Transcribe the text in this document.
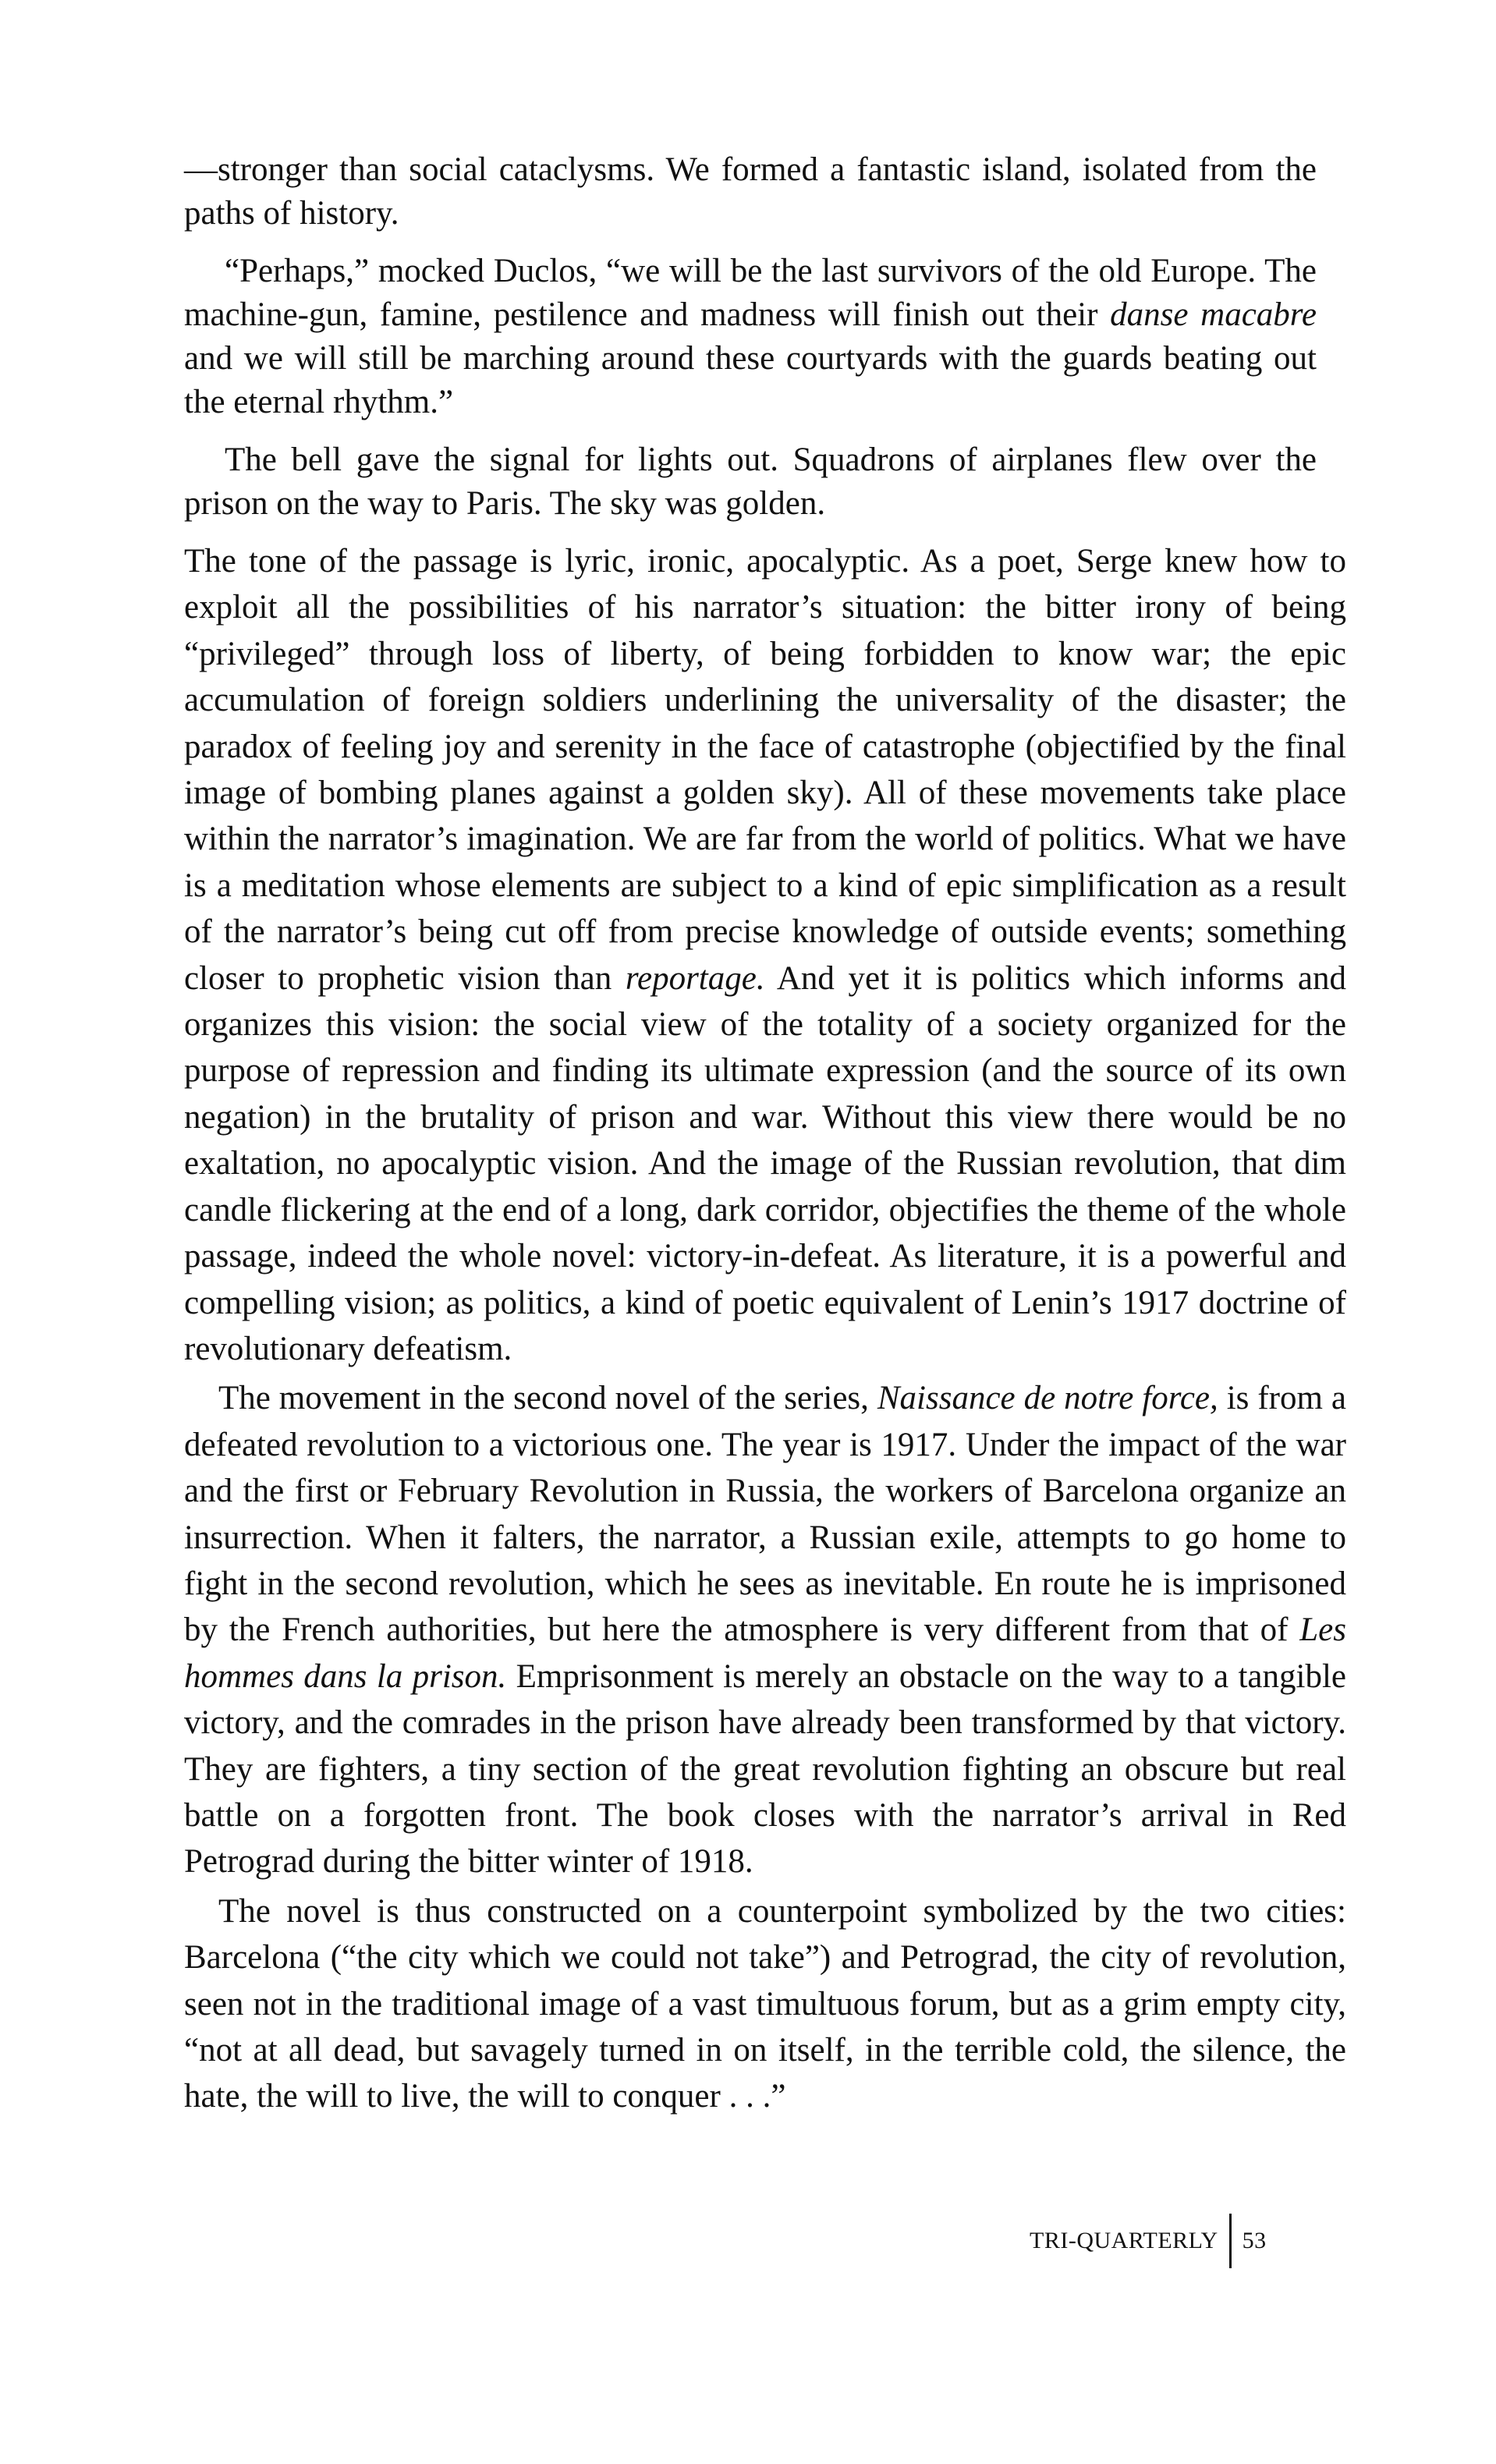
—stronger than social cataclysms. We formed a fantastic island, isolated from the paths of history.

“Perhaps,” mocked Duclos, “we will be the last survivors of the old Europe. The machine-gun, famine, pestilence and madness will finish out their danse macabre and we will still be marching around these courtyards with the guards beating out the eternal rhythm.”

The bell gave the signal for lights out. Squadrons of airplanes flew over the prison on the way to Paris. The sky was golden.

The tone of the passage is lyric, ironic, apocalyptic. As a poet, Serge knew how to exploit all the possibilities of his narrator’s situation: the bitter irony of being “privileged” through loss of liberty, of being forbidden to know war; the epic accumulation of foreign soldiers underlining the universality of the disaster; the paradox of feeling joy and serenity in the face of catastrophe (objectified by the final image of bombing planes against a golden sky). All of these movements take place within the narrator’s imagination. We are far from the world of politics. What we have is a meditation whose elements are subject to a kind of epic simplification as a result of the narrator’s being cut off from precise knowledge of outside events; something closer to prophetic vision than reportage. And yet it is politics which informs and organizes this vision: the social view of the totality of a society organized for the purpose of repression and finding its ultimate expression (and the source of its own negation) in the brutality of prison and war. Without this view there would be no exaltation, no apocalyptic vision. And the image of the Russian revolution, that dim candle flickering at the end of a long, dark corridor, objectifies the theme of the whole passage, indeed the whole novel: victory-in-defeat. As literature, it is a powerful and compelling vision; as politics, a kind of poetic equivalent of Lenin’s 1917 doctrine of revolutionary defeatism.

The movement in the second novel of the series, Naissance de notre force, is from a defeated revolution to a victorious one. The year is 1917. Under the impact of the war and the first or February Revolution in Russia, the workers of Barcelona organize an insurrection. When it falters, the narrator, a Russian exile, attempts to go home to fight in the second revolution, which he sees as inevitable. En route he is imprisoned by the French authorities, but here the atmosphere is very different from that of Les hommes dans la prison. Emprisonment is merely an obstacle on the way to a tangible victory, and the comrades in the prison have already been transformed by that victory. They are fighters, a tiny section of the great revolution fighting an obscure but real battle on a forgotten front. The book closes with the narrator’s arrival in Red Petrograd during the bitter winter of 1918.

The novel is thus constructed on a counterpoint symbolized by the two cities: Barcelona (“the city which we could not take”) and Petrograd, the city of revolution, seen not in the traditional image of a vast timultuous forum, but as a grim empty city, “not at all dead, but savagely turned in on itself, in the terrible cold, the silence, the hate, the will to live, the will to conquer . . .”

TRI-QUARTERLY	53
